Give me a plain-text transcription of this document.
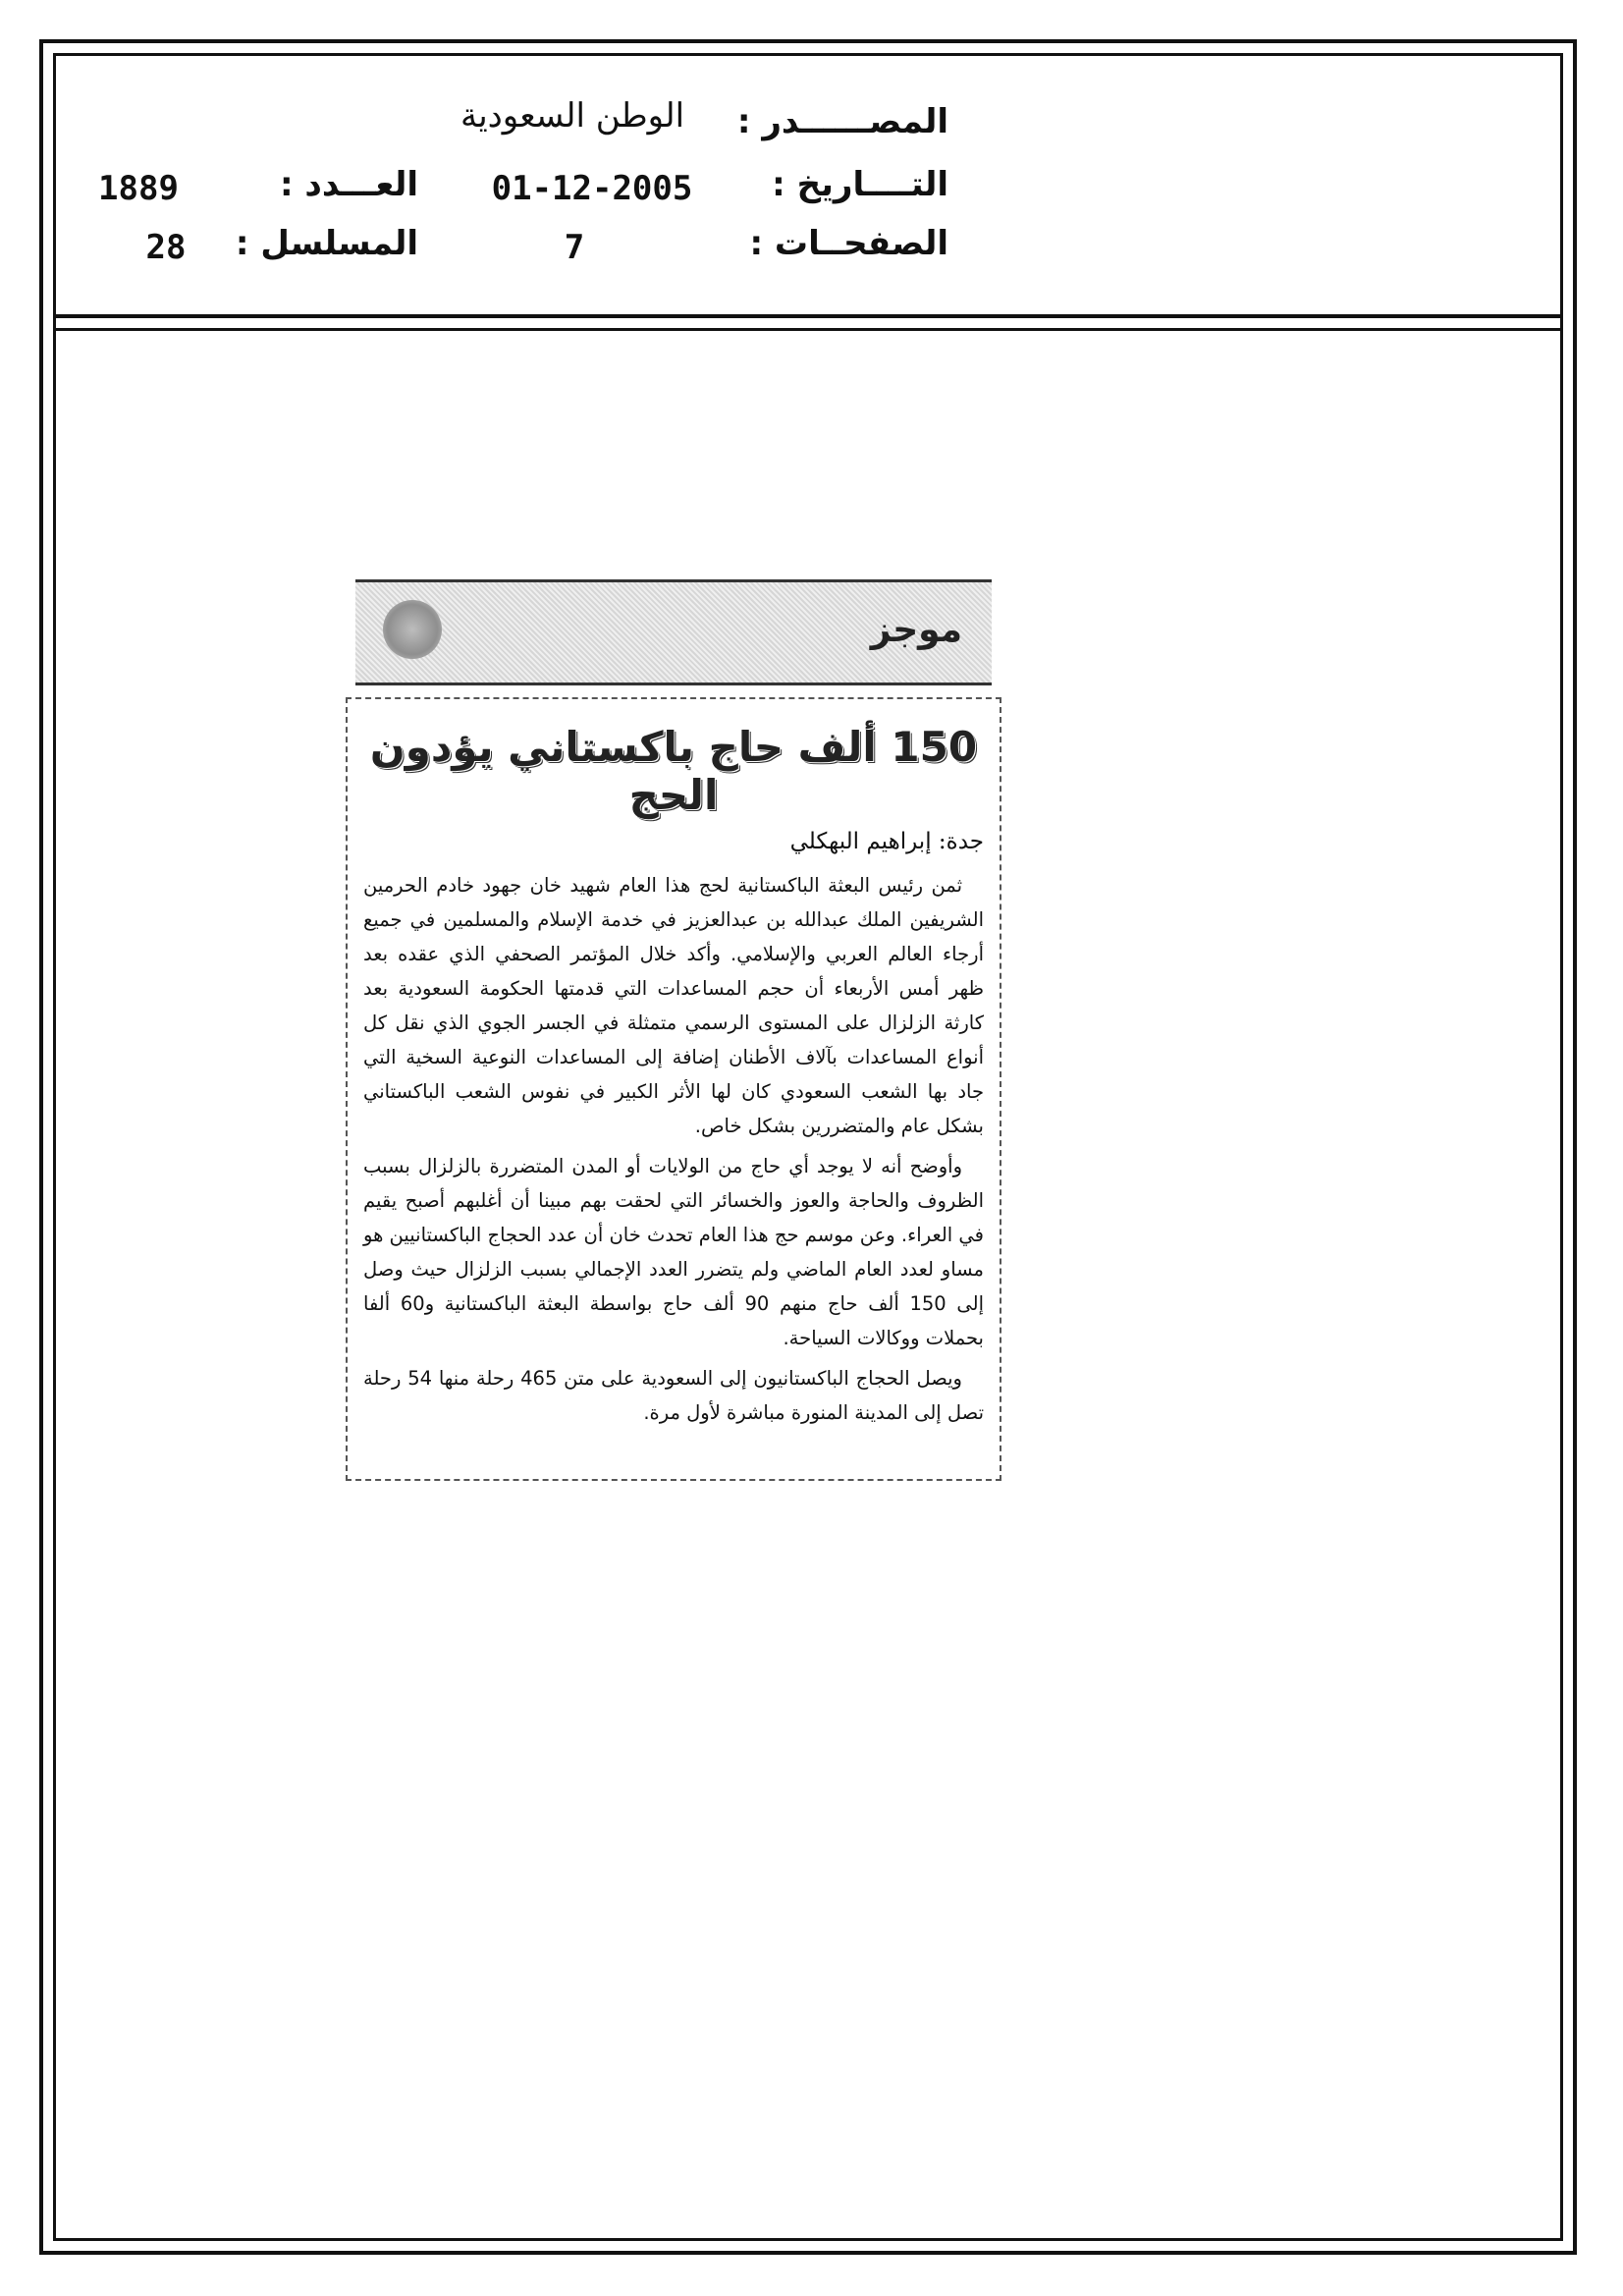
المصــــــدر :
الوطن السعودية
التــــاريخ :
01-12-2005
العـــدد :
1889
الصفحــات :
7
المسلسل :
28
موجز
150 ألف حاج باكستاني يؤدون الحج
جدة: إبراهيم البهكلي

ثمن رئيس البعثة الباكستانية لحج هذا العام شهيد خان جهود خادم الحرمين الشريفين الملك عبدالله بن عبدالعزيز في خدمة الإسلام والمسلمين في جميع أرجاء العالم العربي والإسلامي. وأكد خلال المؤتمر الصحفي الذي عقده بعد ظهر أمس الأربعاء أن حجم المساعدات التي قدمتها الحكومة السعودية بعد كارثة الزلزال على المستوى الرسمي متمثلة في الجسر الجوي الذي نقل كل أنواع المساعدات بآلاف الأطنان إضافة إلى المساعدات النوعية السخية التي جاد بها الشعب السعودي كان لها الأثر الكبير في نفوس الشعب الباكستاني بشكل عام والمتضررين بشكل خاص.

وأوضح أنه لا يوجد أي حاج من الولايات أو المدن المتضررة بالزلزال بسبب الظروف والحاجة والعوز والخسائر التي لحقت بهم مبينا أن أغلبهم أصبح يقيم في العراء. وعن موسم حج هذا العام تحدث خان أن عدد الحجاج الباكستانيين هو مساو لعدد العام الماضي ولم يتضرر العدد الإجمالي بسبب الزلزال حيث وصل إلى 150 ألف حاج منهم 90 ألف حاج بواسطة البعثة الباكستانية و60 ألفا بحملات ووكالات السياحة.

ويصل الحجاج الباكستانيون إلى السعودية على متن 465 رحلة منها 54 رحلة تصل إلى المدينة المنورة مباشرة لأول مرة.
